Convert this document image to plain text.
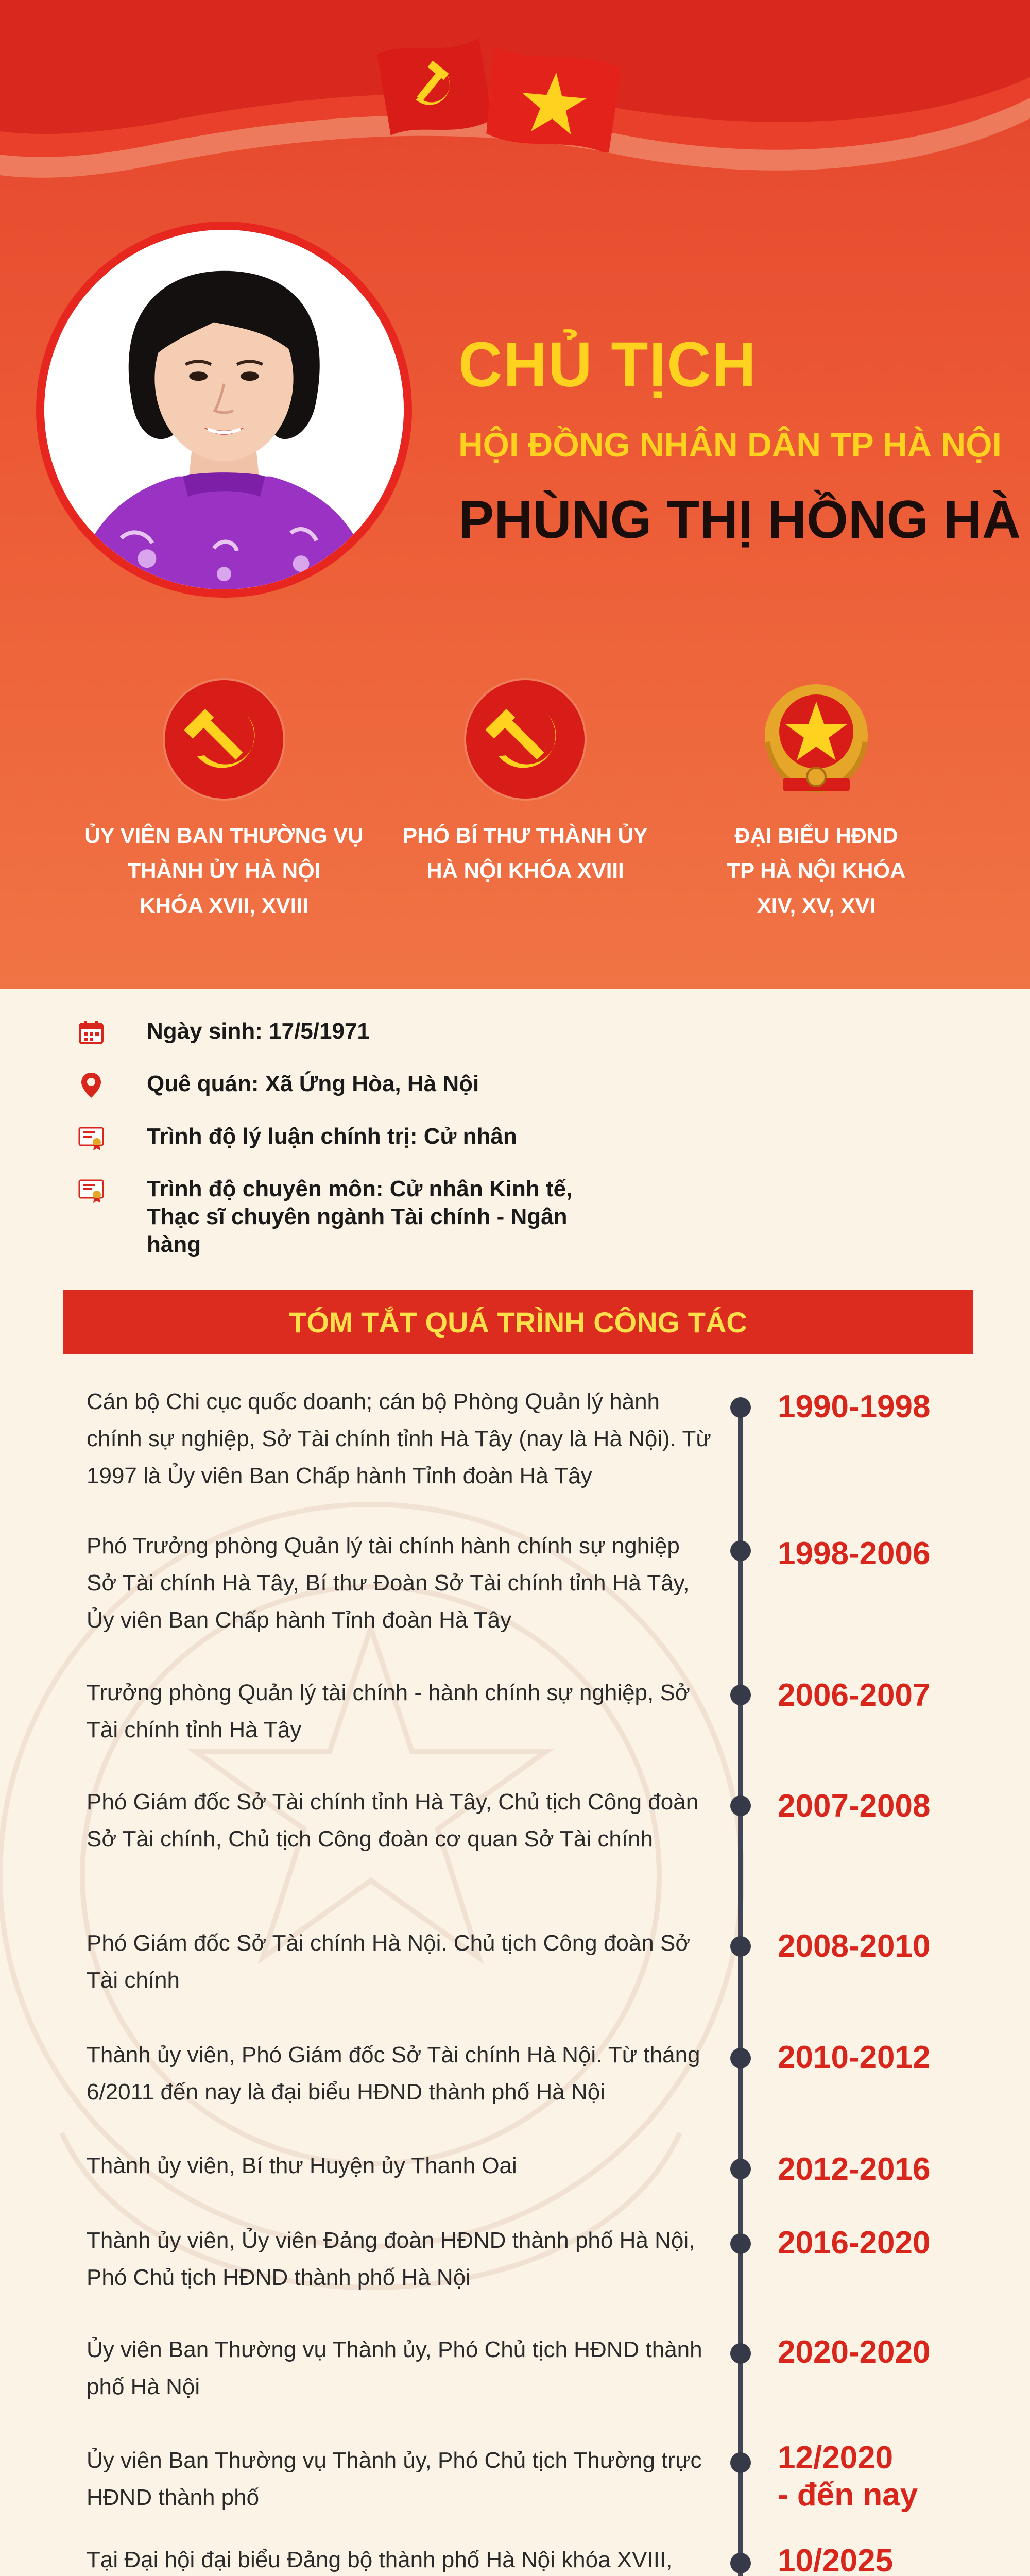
CHỦ TỊCH
HỘI ĐỒNG NHÂN DÂN TP HÀ NỘI
PHÙNG THỊ HỒNG HÀ
ỦY VIÊN BAN THƯỜNG VỤ
THÀNH ỦY HÀ NỘI
KHÓA XVII, XVIII
PHÓ BÍ THƯ THÀNH ỦY
HÀ NỘI KHÓA XVIII
ĐẠI BIỂU HĐND
TP HÀ NỘI KHÓA
XIV, XV, XVI
Ngày sinh: 17/5/1971
Quê quán: Xã Ứng Hòa, Hà Nội
Trình độ lý luận chính trị: Cử nhân
Trình độ chuyên môn: Cử nhân Kinh tế,
Thạc sĩ chuyên ngành Tài chính - Ngân
hàng
TÓM TẮT QUÁ TRÌNH CÔNG TÁC
Cán bộ Chi cục quốc doanh; cán bộ Phòng Quản lý hành chính sự nghiệp, Sở Tài chính tỉnh Hà Tây (nay là Hà Nội). Từ 1997 là Ủy viên Ban Chấp hành Tỉnh đoàn Hà Tây
1990-1998
Phó Trưởng phòng Quản lý tài chính hành chính sự nghiệp Sở Tài chính Hà Tây, Bí thư Đoàn Sở Tài chính tỉnh Hà Tây, Ủy viên Ban Chấp hành Tỉnh đoàn Hà Tây
1998-2006
Trưởng phòng Quản lý tài chính - hành chính sự nghiệp, Sở Tài chính tỉnh Hà Tây
2006-2007
Phó Giám đốc Sở Tài chính tỉnh Hà Tây, Chủ tịch Công đoàn Sở Tài chính, Chủ tịch Công đoàn cơ quan Sở Tài chính
2007-2008
Phó Giám đốc Sở Tài chính Hà Nội. Chủ tịch Công đoàn Sở Tài chính
2008-2010
Thành ủy viên, Phó Giám đốc Sở Tài chính Hà Nội. Từ tháng 6/2011 đến nay là đại biểu HĐND thành phố Hà Nội
2010-2012
Thành ủy viên, Bí thư Huyện ủy Thanh Oai	2012-2016
Thành ủy viên, Ủy viên Đảng đoàn HĐND thành phố Hà Nội, Phó Chủ tịch HĐND thành phố Hà Nội
2016-2020
Ủy viên Ban Thường vụ Thành ủy, Phó Chủ tịch HĐND thành phố Hà Nội
2020-2020
Ủy viên Ban Thường vụ Thành ủy, Phó Chủ tịch Thường trực HĐND thành phố
12/2020
- đến nay
Tại Đại hội đại biểu Đảng bộ thành phố Hà Nội khóa XVIII,	10/2025
